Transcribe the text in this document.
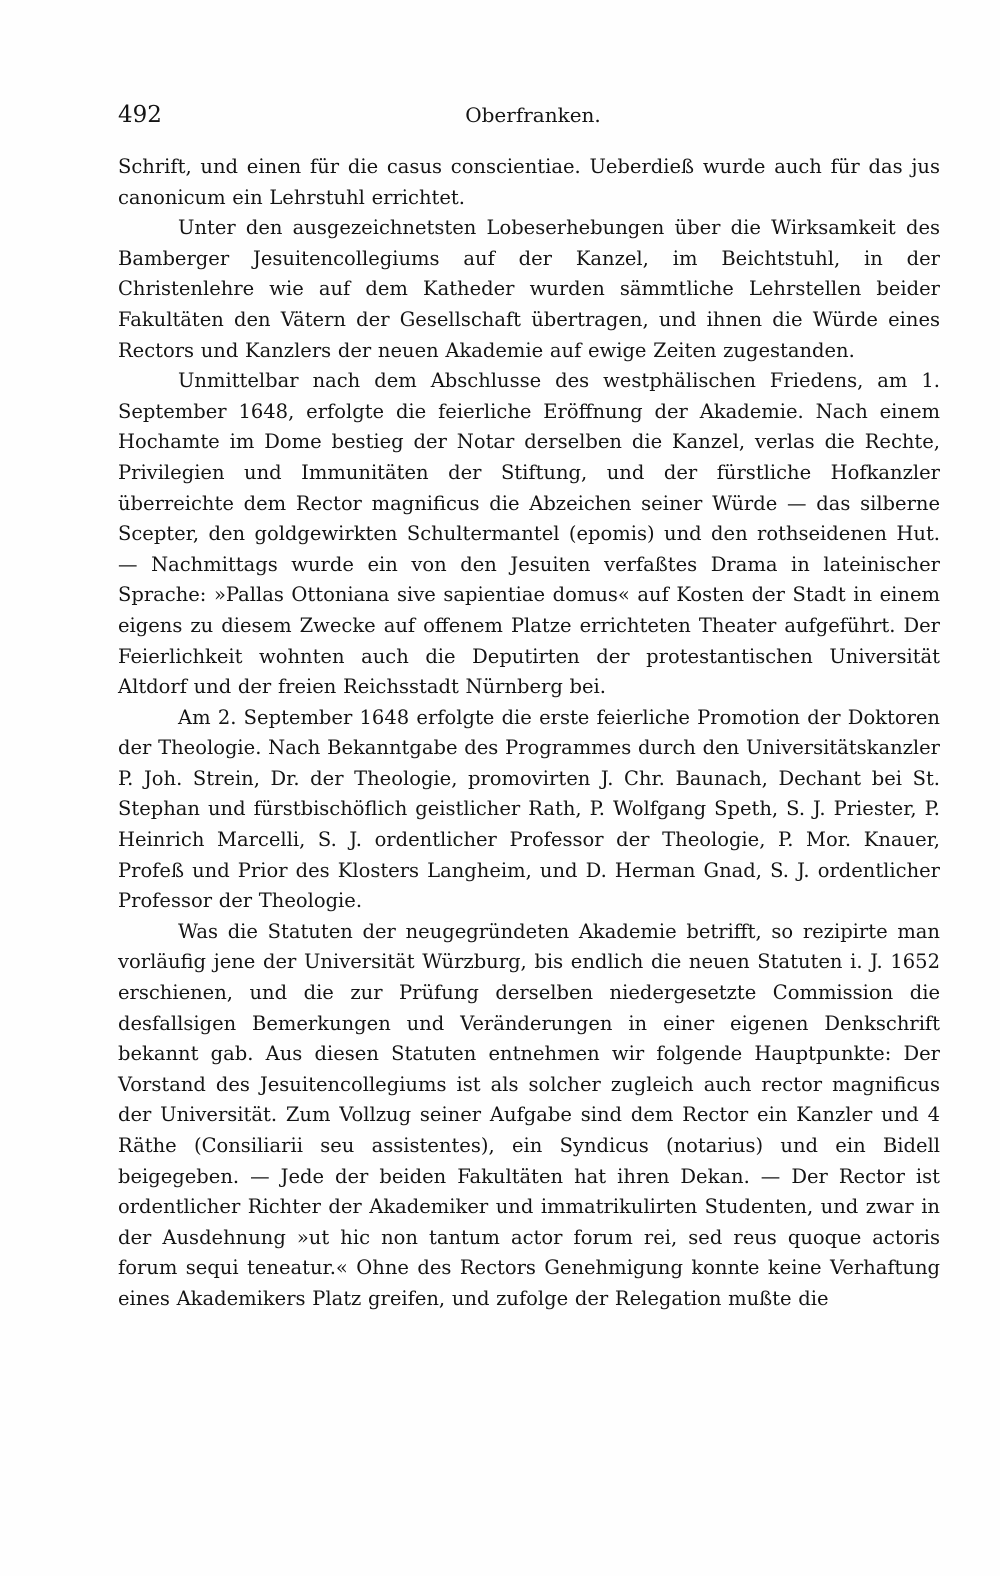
492	Oberfranken.

Schrift, und einen für die casus conscientiae. Ueberdieß wurde auch für das jus canonicum ein Lehrstuhl errichtet.

Unter den ausgezeichnetsten Lobeserhebungen über die Wirksamkeit des Bamberger Jesuitencollegiums auf der Kanzel, im Beichtstuhl, in der Christenlehre wie auf dem Katheder wurden sämmtliche Lehrstellen beider Fakultäten den Vätern der Gesellschaft übertragen, und ihnen die Würde eines Rectors und Kanzlers der neuen Akademie auf ewige Zeiten zugestanden.

Unmittelbar nach dem Abschlusse des westphälischen Friedens, am 1. September 1648, erfolgte die feierliche Eröffnung der Akademie. Nach einem Hochamte im Dome bestieg der Notar derselben die Kanzel, verlas die Rechte, Privilegien und Immunitäten der Stiftung, und der fürstliche Hofkanzler überreichte dem Rector magnificus die Abzeichen seiner Würde — das silberne Scepter, den goldgewirkten Schultermantel (epomis) und den rothseidenen Hut. — Nachmittags wurde ein von den Jesuiten verfaßtes Drama in lateinischer Sprache: »Pallas Ottoniana sive sapientiae domus« auf Kosten der Stadt in einem eigens zu diesem Zwecke auf offenem Platze errichteten Theater aufgeführt. Der Feierlichkeit wohnten auch die Deputirten der protestantischen Universität Altdorf und der freien Reichsstadt Nürnberg bei.

Am 2. September 1648 erfolgte die erste feierliche Promotion der Doktoren der Theologie. Nach Bekanntgabe des Programmes durch den Universitätskanzler P. Joh. Strein, Dr. der Theologie, promovirten J. Chr. Baunach, Dechant bei St. Stephan und fürstbischöflich geistlicher Rath, P. Wolfgang Speth, S. J. Priester, P. Heinrich Marcelli, S. J. ordentlicher Professor der Theologie, P. Mor. Knauer, Profeß und Prior des Klosters Langheim, und D. Herman Gnad, S. J. ordentlicher Professor der Theologie.

Was die Statuten der neugegründeten Akademie betrifft, so rezipirte man vorläufig jene der Universität Würzburg, bis endlich die neuen Statuten i. J. 1652 erschienen, und die zur Prüfung derselben niedergesetzte Commission die desfallsigen Bemerkungen und Veränderungen in einer eigenen Denkschrift bekannt gab. Aus diesen Statuten entnehmen wir folgende Hauptpunkte: Der Vorstand des Jesuitencollegiums ist als solcher zugleich auch rector magnificus der Universität. Zum Vollzug seiner Aufgabe sind dem Rector ein Kanzler und 4 Räthe (Consiliarii seu assistentes), ein Syndicus (notarius) und ein Bidell beigegeben. — Jede der beiden Fakultäten hat ihren Dekan. — Der Rector ist ordentlicher Richter der Akademiker und immatrikulirten Studenten, und zwar in der Ausdehnung »ut hic non tantum actor forum rei, sed reus quoque actoris forum sequi teneatur.« Ohne des Rectors Genehmigung konnte keine Verhaftung eines Akademikers Platz greifen, und zufolge der Relegation mußte die
